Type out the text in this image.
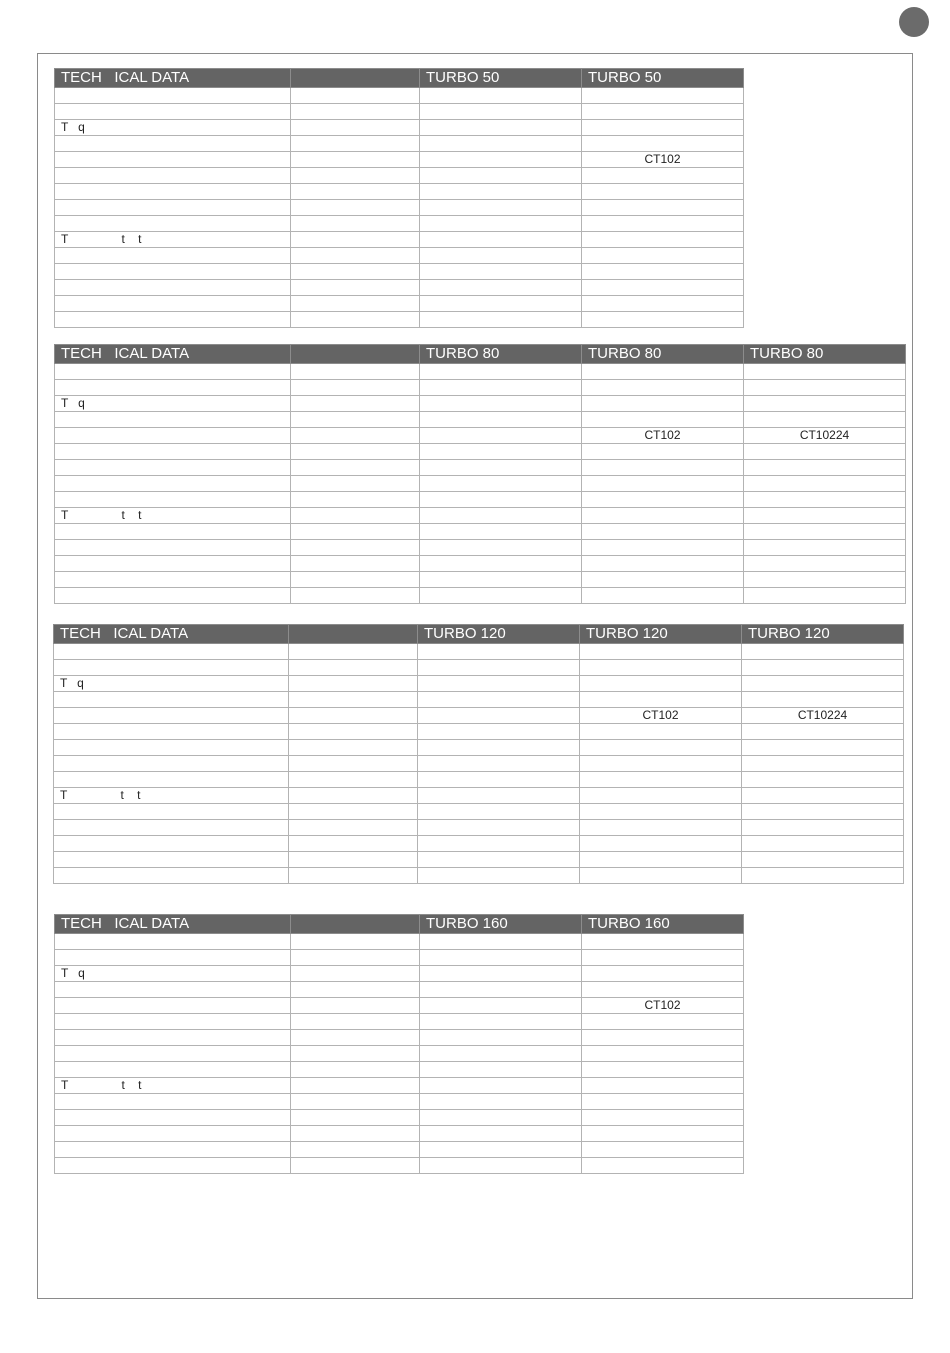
TECH   ICAL DATA		TURBO 50	TURBO 50

T   q			

			CT102

T                t    t			

TECH   ICAL DATA		TURBO 80	TURBO 80	TURBO 80

T   q				

			CT102	CT10224

T                t    t				

TECH   ICAL DATA		TURBO 120	TURBO 120	TURBO 120

T   q				

			CT102	CT10224

T                t    t				

TECH   ICAL DATA		TURBO 160	TURBO 160

T   q			

			CT102

T                t    t			
